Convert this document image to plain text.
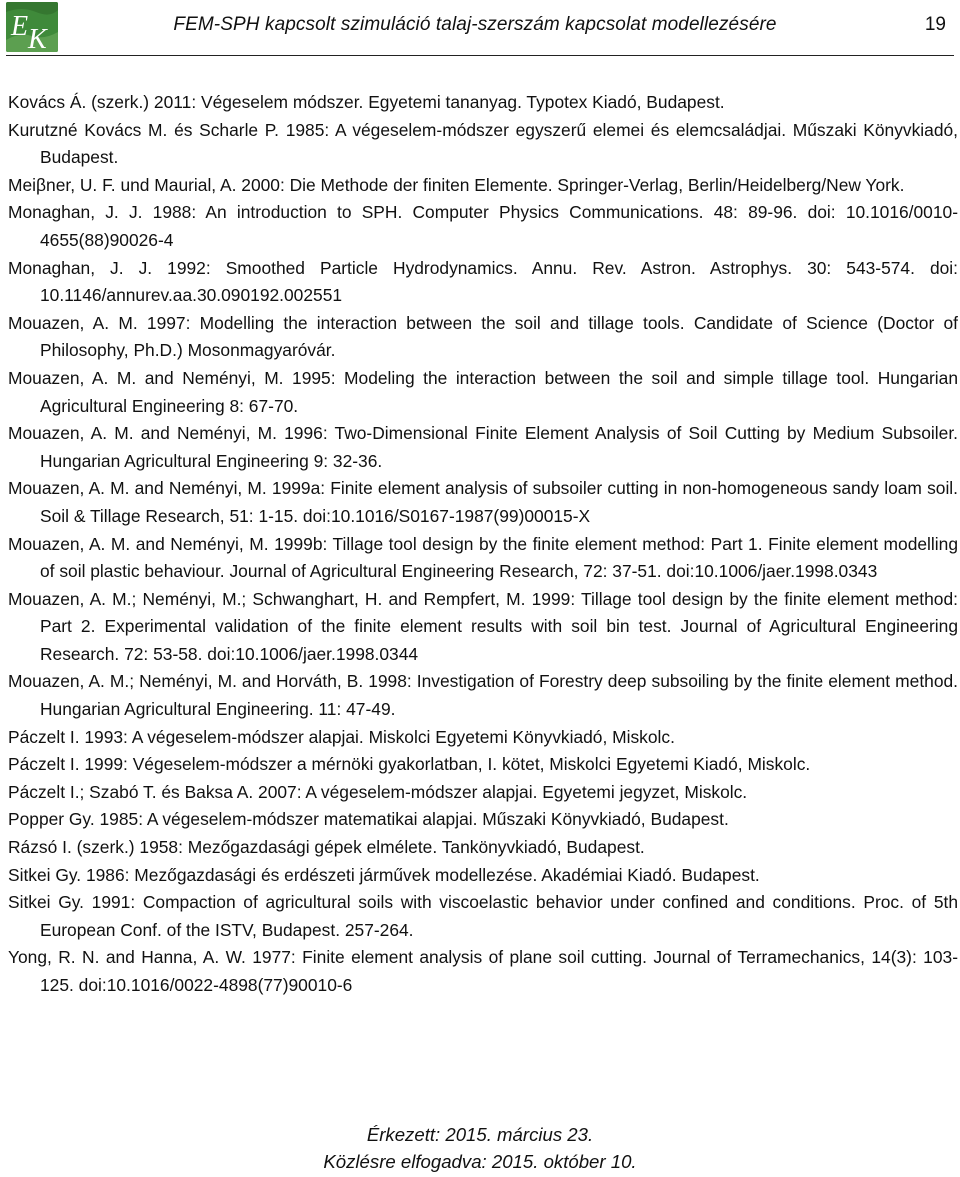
E K	FEM-SPH kapcsolt szimuláció talaj-szerszám kapcsolat modellezésére	19

Kovács Á. (szerk.) 2011: Végeselem módszer. Egyetemi tananyag. Typotex Kiadó, Budapest.

Kurutzné Kovács M. és Scharle P. 1985: A végeselem-módszer egyszerű elemei és elemcsaládjai. Műszaki Könyvkiadó, Budapest.

Meiβner, U. F. und Maurial, A. 2000: Die Methode der finiten Elemente. Springer-Verlag, Berlin/Heidelberg/New York.

Monaghan, J. J. 1988: An introduction to SPH. Computer Physics Communications. 48: 89-96. doi: 10.1016/0010-4655(88)90026-4

Monaghan, J. J. 1992: Smoothed Particle Hydrodynamics. Annu. Rev. Astron. Astrophys. 30: 543-574. doi: 10.1146/annurev.aa.30.090192.002551

Mouazen, A. M. 1997: Modelling the interaction between the soil and tillage tools. Candidate of Science (Doctor of Philosophy, Ph.D.) Mosonmagyaróvár.

Mouazen, A. M. and Neményi, M. 1995: Modeling the interaction between the soil and simple tillage tool. Hungarian Agricultural Engineering 8: 67-70.

Mouazen, A. M. and Neményi, M. 1996: Two-Dimensional Finite Element Analysis of Soil Cutting by Medium Subsoiler. Hungarian Agricultural Engineering 9: 32-36.

Mouazen, A. M. and Neményi, M. 1999a: Finite element analysis of subsoiler cutting in non-homogeneous sandy loam soil. Soil & Tillage Research, 51: 1-15. doi:10.1016/S0167-1987(99)00015-X

Mouazen, A. M. and Neményi, M. 1999b: Tillage tool design by the finite element method: Part 1. Finite element modelling of soil plastic behaviour. Journal of Agricultural Engineering Research, 72: 37-51. doi:10.1006/jaer.1998.0343

Mouazen, A. M.; Neményi, M.; Schwanghart, H. and Rempfert, M. 1999: Tillage tool design by the finite element method: Part 2. Experimental validation of the finite element results with soil bin test. Journal of Agricultural Engineering Research. 72: 53-58. doi:10.1006/jaer.1998.0344

Mouazen, A. M.; Neményi, M. and Horváth, B. 1998: Investigation of Forestry deep subsoiling by the finite element method. Hungarian Agricultural Engineering. 11: 47-49.

Páczelt I. 1993: A végeselem-módszer alapjai. Miskolci Egyetemi Könyvkiadó, Miskolc.

Páczelt I. 1999: Végeselem-módszer a mérnöki gyakorlatban, I. kötet, Miskolci Egyetemi Kiadó, Miskolc.

Páczelt I.; Szabó T. és Baksa A. 2007: A végeselem-módszer alapjai. Egyetemi jegyzet, Miskolc.

Popper Gy. 1985: A végeselem-módszer matematikai alapjai. Műszaki Könyvkiadó, Budapest.

Rázsó I. (szerk.) 1958: Mezőgazdasági gépek elmélete. Tankönyvkiadó, Budapest.

Sitkei Gy. 1986: Mezőgazdasági és erdészeti járművek modellezése. Akadémiai Kiadó. Budapest.

Sitkei Gy. 1991: Compaction of agricultural soils with viscoelastic behavior under confined and conditions. Proc. of 5th European Conf. of the ISTV, Budapest. 257-264.

Yong, R. N. and Hanna, A. W. 1977: Finite element analysis of plane soil cutting. Journal of Terramechanics, 14(3): 103-125. doi:10.1016/0022-4898(77)90010-6

Érkezett: 2015. március 23.
Közlésre elfogadva: 2015. október 10.
